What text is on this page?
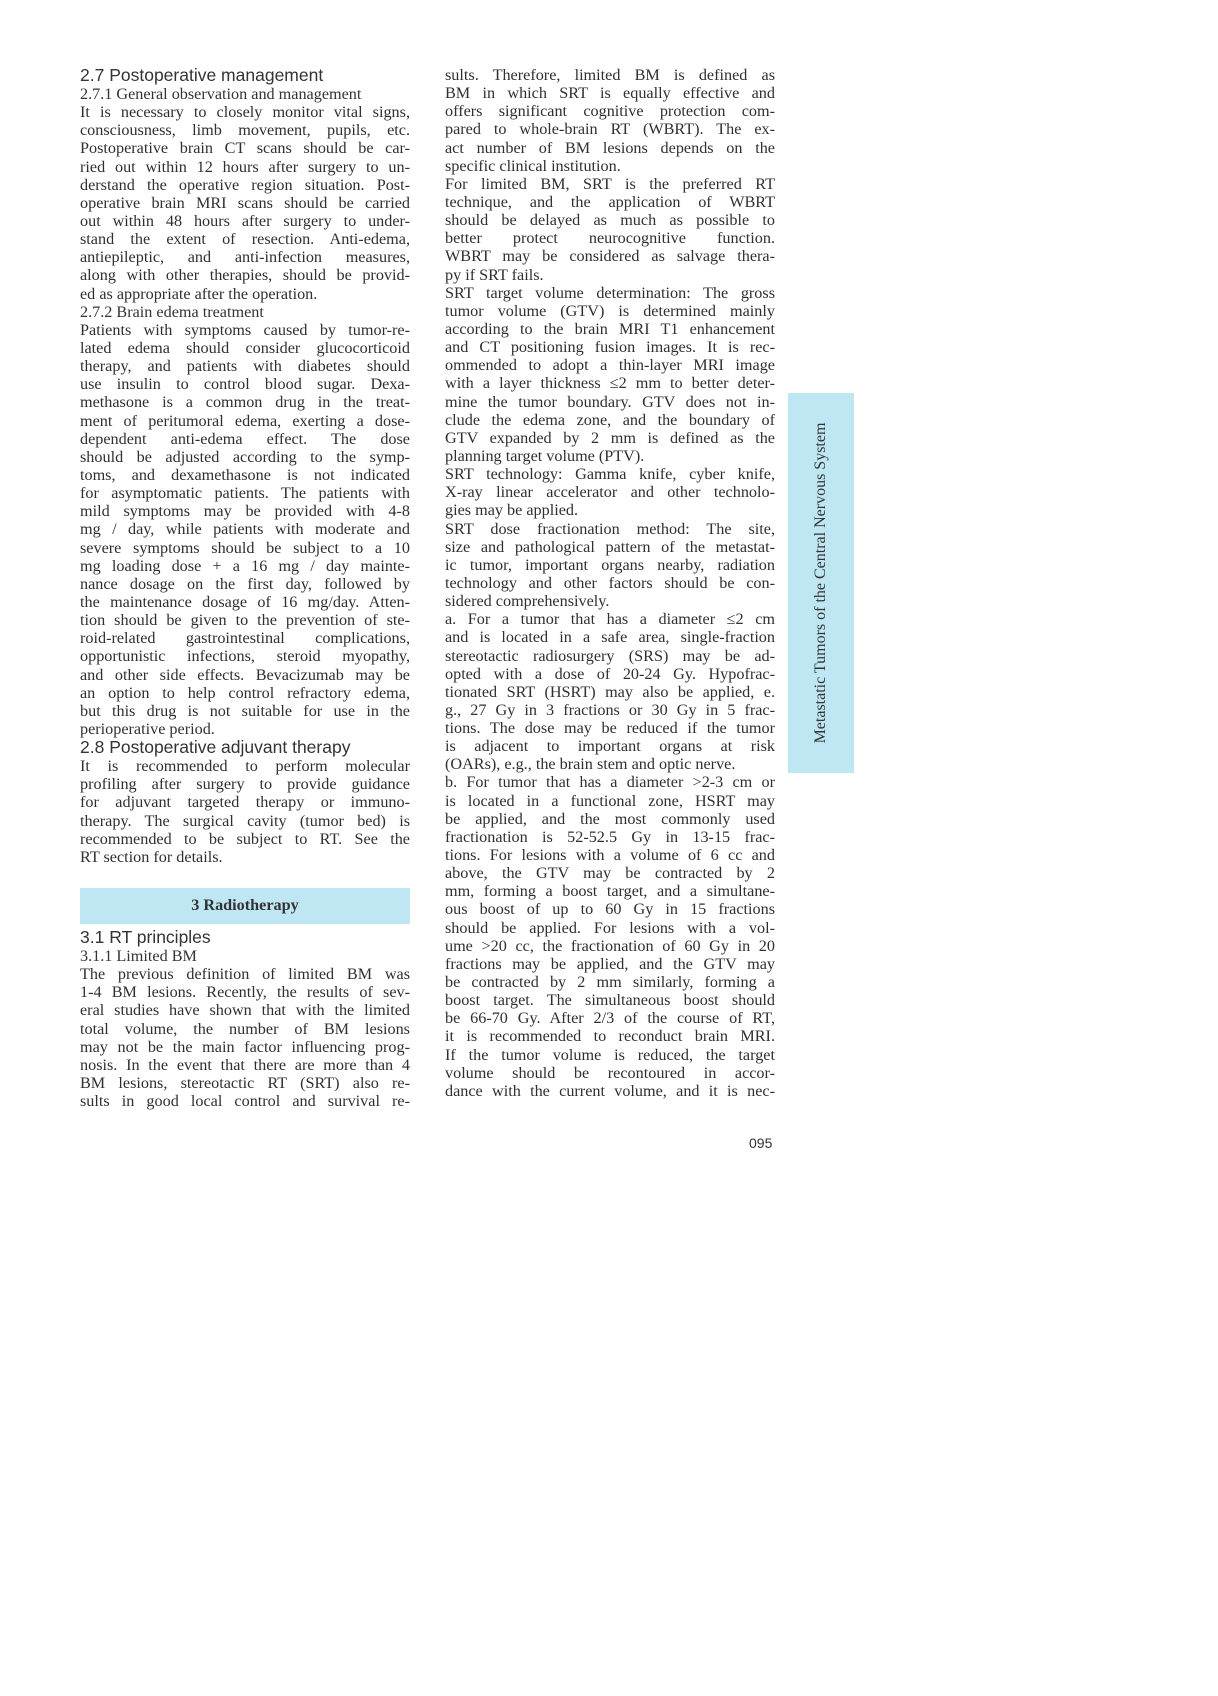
2.7 Postoperative management
2.7.1 General observation and management
It is necessary to closely monitor vital signs,
consciousness, limb movement, pupils, etc.
Postoperative brain CT scans should be car-
ried out within 12 hours after surgery to un-
derstand the operative region situation. Post-
operative brain MRI scans should be carried
out within 48 hours after surgery to under-
stand the extent of resection. Anti-edema,
antiepileptic, and anti-infection measures,
along with other therapies, should be provid-
ed as appropriate after the operation.
2.7.2 Brain edema treatment
Patients with symptoms caused by tumor-re-
lated edema should consider glucocorticoid
therapy, and patients with diabetes should
use insulin to control blood sugar. Dexa-
methasone is a common drug in the treat-
ment of peritumoral edema, exerting a dose-
dependent anti-edema effect. The dose
should be adjusted according to the symp-
toms, and dexamethasone is not indicated
for asymptomatic patients. The patients with
mild symptoms may be provided with 4-8
mg / day, while patients with moderate and
severe symptoms should be subject to a 10
mg loading dose + a 16 mg / day mainte-
nance dosage on the first day, followed by
the maintenance dosage of 16 mg/day. Atten-
tion should be given to the prevention of ste-
roid-related gastrointestinal complications,
opportunistic infections, steroid myopathy,
and other side effects. Bevacizumab may be
an option to help control refractory edema,
but this drug is not suitable for use in the
perioperative period.
2.8 Postoperative adjuvant therapy
It is recommended to perform molecular
profiling after surgery to provide guidance
for adjuvant targeted therapy or immuno-
therapy. The surgical cavity (tumor bed) is
recommended to be subject to RT. See the
RT section for details.
3 Radiotherapy
3.1 RT principles
3.1.1 Limited BM
The previous definition of limited BM was
1-4 BM lesions. Recently, the results of sev-
eral studies have shown that with the limited
total volume, the number of BM lesions
may not be the main factor influencing prog-
nosis. In the event that there are more than 4
BM lesions, stereotactic RT (SRT) also re-
sults in good local control and survival re-
sults. Therefore, limited BM is defined as
BM in which SRT is equally effective and
offers significant cognitive protection com-
pared to whole-brain RT (WBRT). The ex-
act number of BM lesions depends on the
specific clinical institution.
For limited BM, SRT is the preferred RT
technique, and the application of WBRT
should be delayed as much as possible to
better protect neurocognitive function.
WBRT may be considered as salvage thera-
py if SRT fails.
SRT target volume determination: The gross
tumor volume (GTV) is determined mainly
according to the brain MRI T1 enhancement
and CT positioning fusion images. It is rec-
ommended to adopt a thin-layer MRI image
with a layer thickness ≤2 mm to better deter-
mine the tumor boundary. GTV does not in-
clude the edema zone, and the boundary of
GTV expanded by 2 mm is defined as the
planning target volume (PTV).
SRT technology: Gamma knife, cyber knife,
X-ray linear accelerator and other technolo-
gies may be applied.
SRT dose fractionation method: The site,
size and pathological pattern of the metastat-
ic tumor, important organs nearby, radiation
technology and other factors should be con-
sidered comprehensively.
a. For a tumor that has a diameter ≤2 cm
and is located in a safe area, single-fraction
stereotactic radiosurgery (SRS) may be ad-
opted with a dose of 20-24 Gy. Hypofrac-
tionated SRT (HSRT) may also be applied, e.
g., 27 Gy in 3 fractions or 30 Gy in 5 frac-
tions. The dose may be reduced if the tumor
is adjacent to important organs at risk
(OARs), e.g., the brain stem and optic nerve.
b. For tumor that has a diameter >2-3 cm or
is located in a functional zone, HSRT may
be applied, and the most commonly used
fractionation is 52-52.5 Gy in 13-15 frac-
tions. For lesions with a volume of 6 cc and
above, the GTV may be contracted by 2
mm, forming a boost target, and a simultane-
ous boost of up to 60 Gy in 15 fractions
should be applied. For lesions with a vol-
ume >20 cc, the fractionation of 60 Gy in 20
fractions may be applied, and the GTV may
be contracted by 2 mm similarly, forming a
boost target. The simultaneous boost should
be 66-70 Gy. After 2/3 of the course of RT,
it is recommended to reconduct brain MRI.
If the tumor volume is reduced, the target
volume should be recontoured in accor-
dance with the current volume, and it is nec-
Metastatic Tumors of the Central Nervous System
095
